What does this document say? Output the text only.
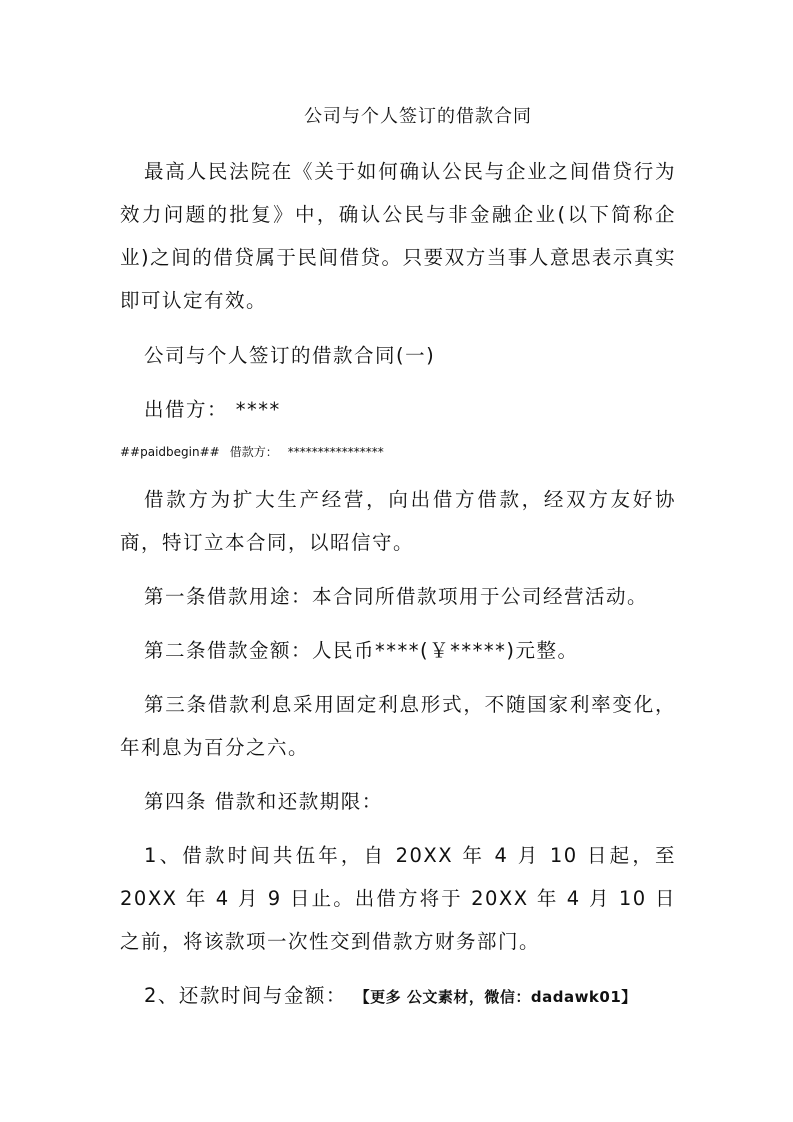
公司与个人签订的借款合同

最高人民法院在《关于如何确认公民与企业之间借贷行为效力问题的批复》中，确认公民与非金融企业(以下简称企业)之间的借贷属于民间借贷。只要双方当事人意思表示真实即可认定有效。

公司与个人签订的借款合同(一)

出借方： ****

##paidbegin## 借款方： ****************

借款方为扩大生产经营，向出借方借款，经双方友好协商，特订立本合同，以昭信守。

第一条借款用途：本合同所借款项用于公司经营活动。

第二条借款金额：人民币****(￥*****)元整。

第三条借款利息采用固定利息形式，不随国家利率变化，年利息为百分之六。

第四条 借款和还款期限：

1、借款时间共伍年，自 20XX 年 4 月 10 日起，至 20XX 年 4 月 9 日止。出借方将于 20XX 年 4 月 10 日之前，将该款项一次性交到借款方财务部门。

2、还款时间与金额： 【更多 公文素材，微信：dadawk01】
